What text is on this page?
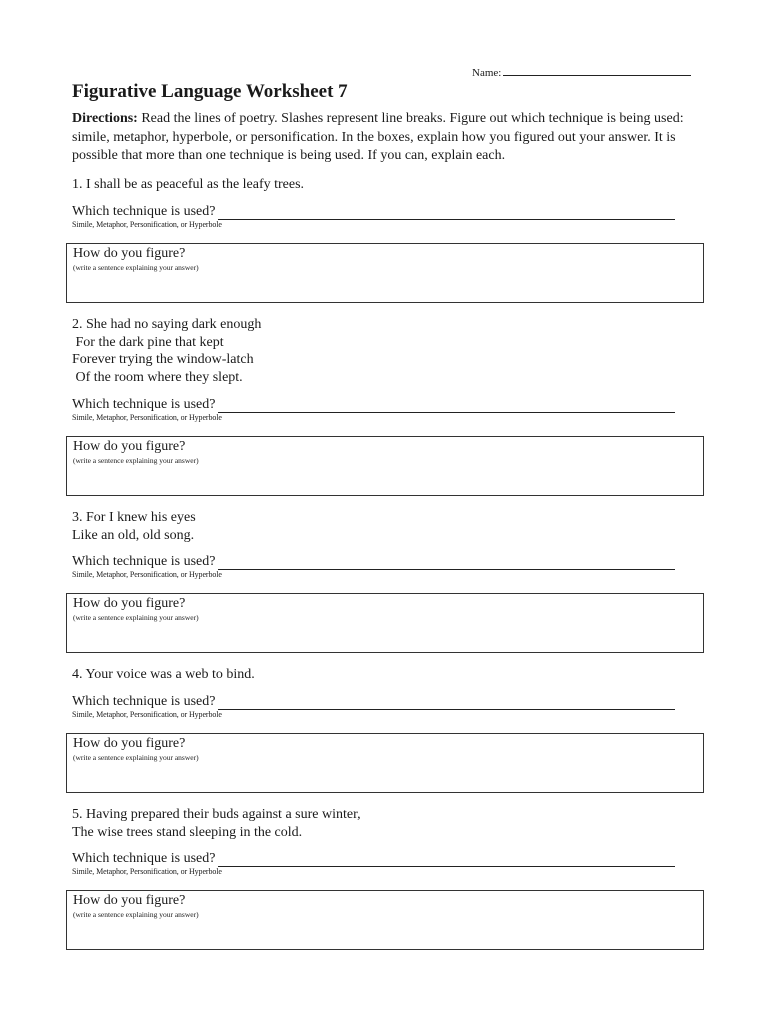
Name:
Figurative Language Worksheet 7
Directions: Read the lines of poetry. Slashes represent line breaks. Figure out which technique is being used: simile, metaphor, hyperbole, or personification. In the boxes, explain how you figured out your answer. It is possible that more than one technique is being used. If you can, explain each.
1. I shall be as peaceful as the leafy trees.
Which technique is used?
Simile, Metaphor, Personification, or Hyperbole
How do you figure?
(write a sentence explaining your answer)
2. She had no saying dark enough
For the dark pine that kept
Forever trying the window-latch
Of the room where they slept.
Which technique is used?
Simile, Metaphor, Personification, or Hyperbole
How do you figure?
(write a sentence explaining your answer)
3. For I knew his eyes
Like an old, old song.
Which technique is used?
Simile, Metaphor, Personification, or Hyperbole
How do you figure?
(write a sentence explaining your answer)
4. Your voice was a web to bind.
Which technique is used?
Simile, Metaphor, Personification, or Hyperbole
How do you figure?
(write a sentence explaining your answer)
5. Having prepared their buds against a sure winter,
The wise trees stand sleeping in the cold.
Which technique is used?
Simile, Metaphor, Personification, or Hyperbole
How do you figure?
(write a sentence explaining your answer)
